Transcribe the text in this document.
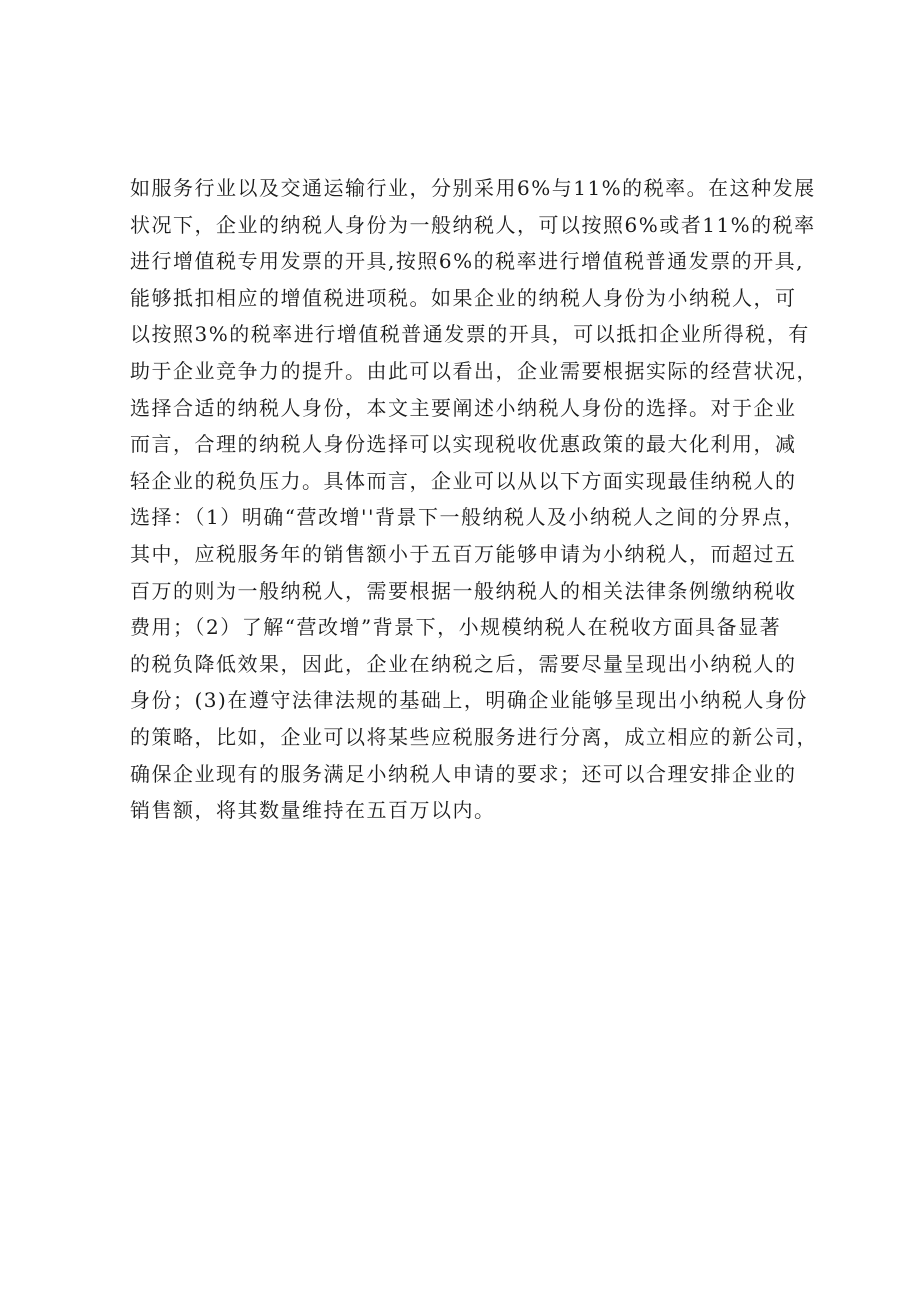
如服务行业以及交通运输行业，分别采用6%与11%的税率。在这种发展
状况下，企业的纳税人身份为一般纳税人，可以按照6%或者11%的税率
进行增值税专用发票的开具,按照6%的税率进行增值税普通发票的开具,
能够抵扣相应的增值税进项税。如果企业的纳税人身份为小纳税人，可
以按照3%的税率进行增值税普通发票的开具，可以抵扣企业所得税，有
助于企业竞争力的提升。由此可以看出，企业需要根据实际的经营状况，
选择合适的纳税人身份，本文主要阐述小纳税人身份的选择。对于企业
而言，合理的纳税人身份选择可以实现税收优惠政策的最大化利用，减
轻企业的税负压力。具体而言，企业可以从以下方面实现最佳纳税人的
选择：（1）明确“营改增''背景下一般纳税人及小纳税人之间的分界点，
其中，应税服务年的销售额小于五百万能够申请为小纳税人，而超过五
百万的则为一般纳税人，需要根据一般纳税人的相关法律条例缴纳税收
费用；（2）了解“营改增”背景下，小规模纳税人在税收方面具备显著
的税负降低效果，因此，企业在纳税之后，需要尽量呈现出小纳税人的
身份；(3)在遵守法律法规的基础上，明确企业能够呈现出小纳税人身份
的策略，比如，企业可以将某些应税服务进行分离，成立相应的新公司，
确保企业现有的服务满足小纳税人申请的要求；还可以合理安排企业的
销售额，将其数量维持在五百万以内。
